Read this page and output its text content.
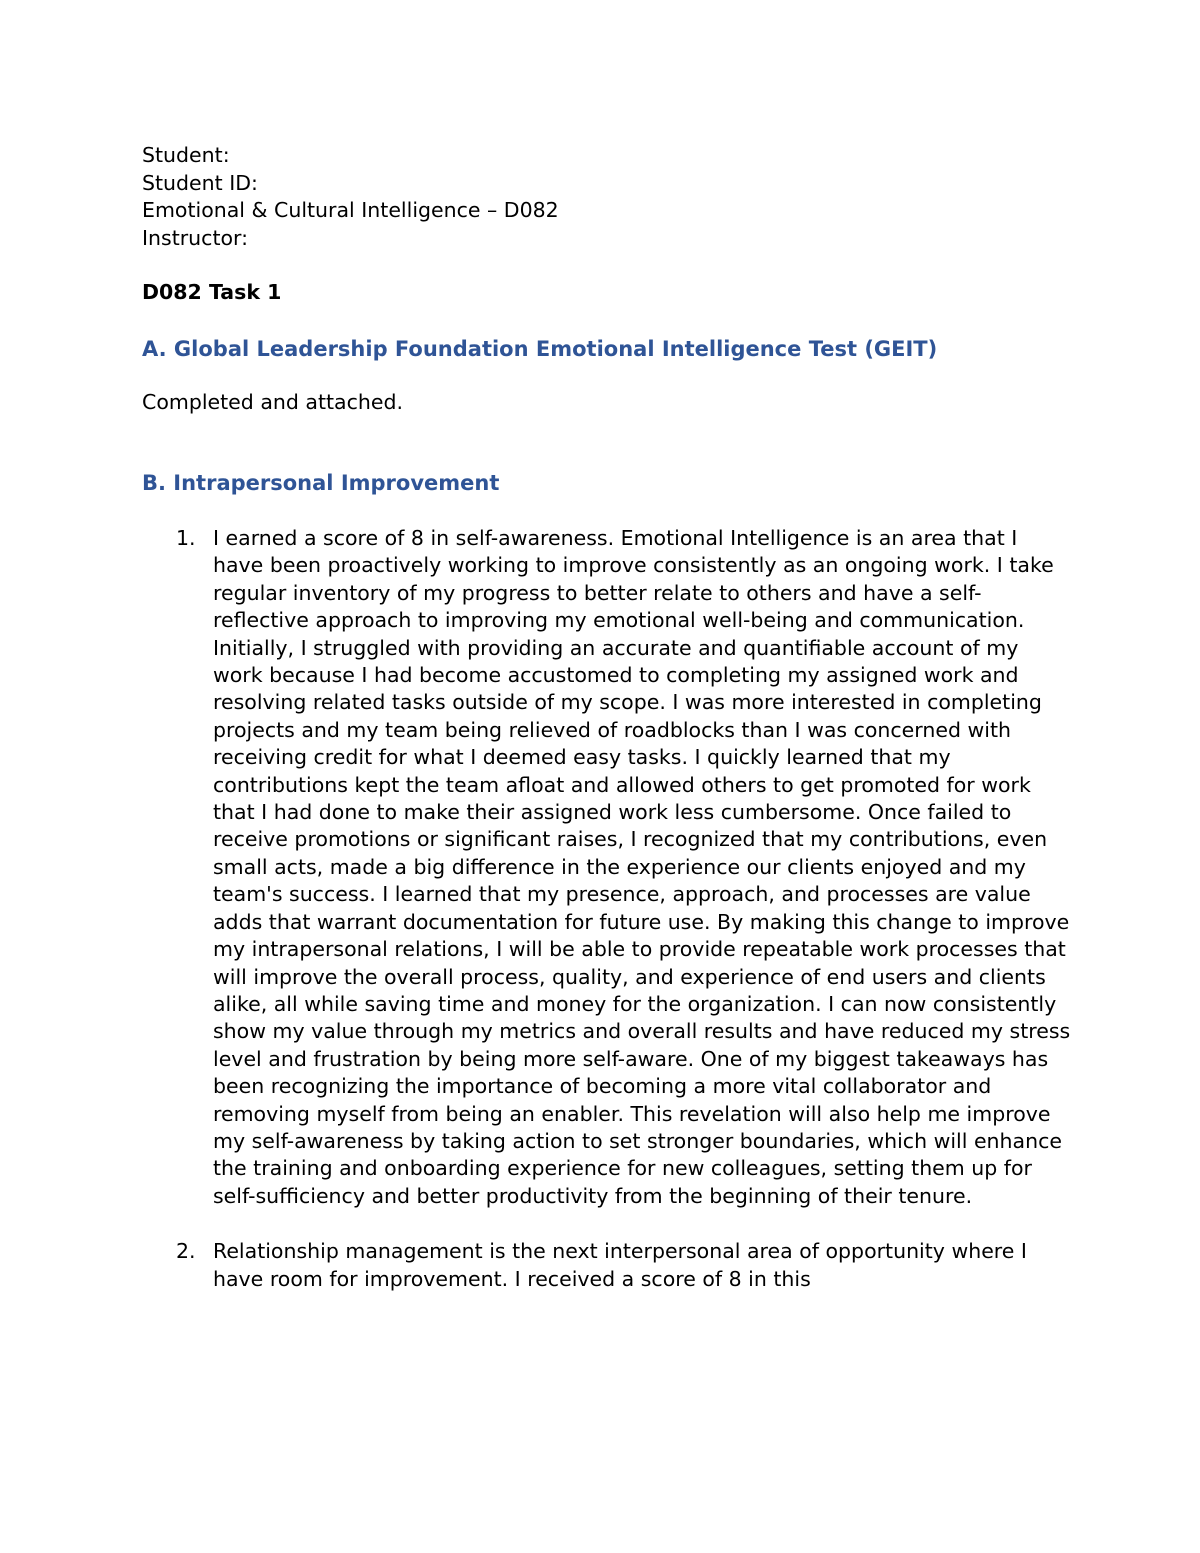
Student:

Student ID:

Emotional & Cultural Intelligence – D082

Instructor:

D082 Task 1

A. Global Leadership Foundation Emotional Intelligence Test (GEIT)

Completed and attached.

B. Intrapersonal Improvement

1. I earned a score of 8 in self-awareness. Emotional Intelligence is an area that I have been proactively working to improve consistently as an ongoing work. I take regular inventory of my progress to better relate to others and have a self-reflective approach to improving my emotional well-being and communication. Initially, I struggled with providing an accurate and quantifiable account of my work because I had become accustomed to completing my assigned work and resolving related tasks outside of my scope. I was more interested in completing projects and my team being relieved of roadblocks than I was concerned with receiving credit for what I deemed easy tasks. I quickly learned that my contributions kept the team afloat and allowed others to get promoted for work that I had done to make their assigned work less cumbersome. Once failed to receive promotions or significant raises, I recognized that my contributions, even small acts, made a big difference in the experience our clients enjoyed and my team's success. I learned that my presence, approach, and processes are value adds that warrant documentation for future use. By making this change to improve my intrapersonal relations, I will be able to provide repeatable work processes that will improve the overall process, quality, and experience of end users and clients alike, all while saving time and money for the organization. I can now consistently show my value through my metrics and overall results and have reduced my stress level and frustration by being more self-aware. One of my biggest takeaways has been recognizing the importance of becoming a more vital collaborator and removing myself from being an enabler. This revelation will also help me improve my self-awareness by taking action to set stronger boundaries, which will enhance the training and onboarding experience for new colleagues, setting them up for self-sufficiency and better productivity from the beginning of their tenure.
2. Relationship management is the next interpersonal area of opportunity where I have room for improvement. I received a score of 8 in this
